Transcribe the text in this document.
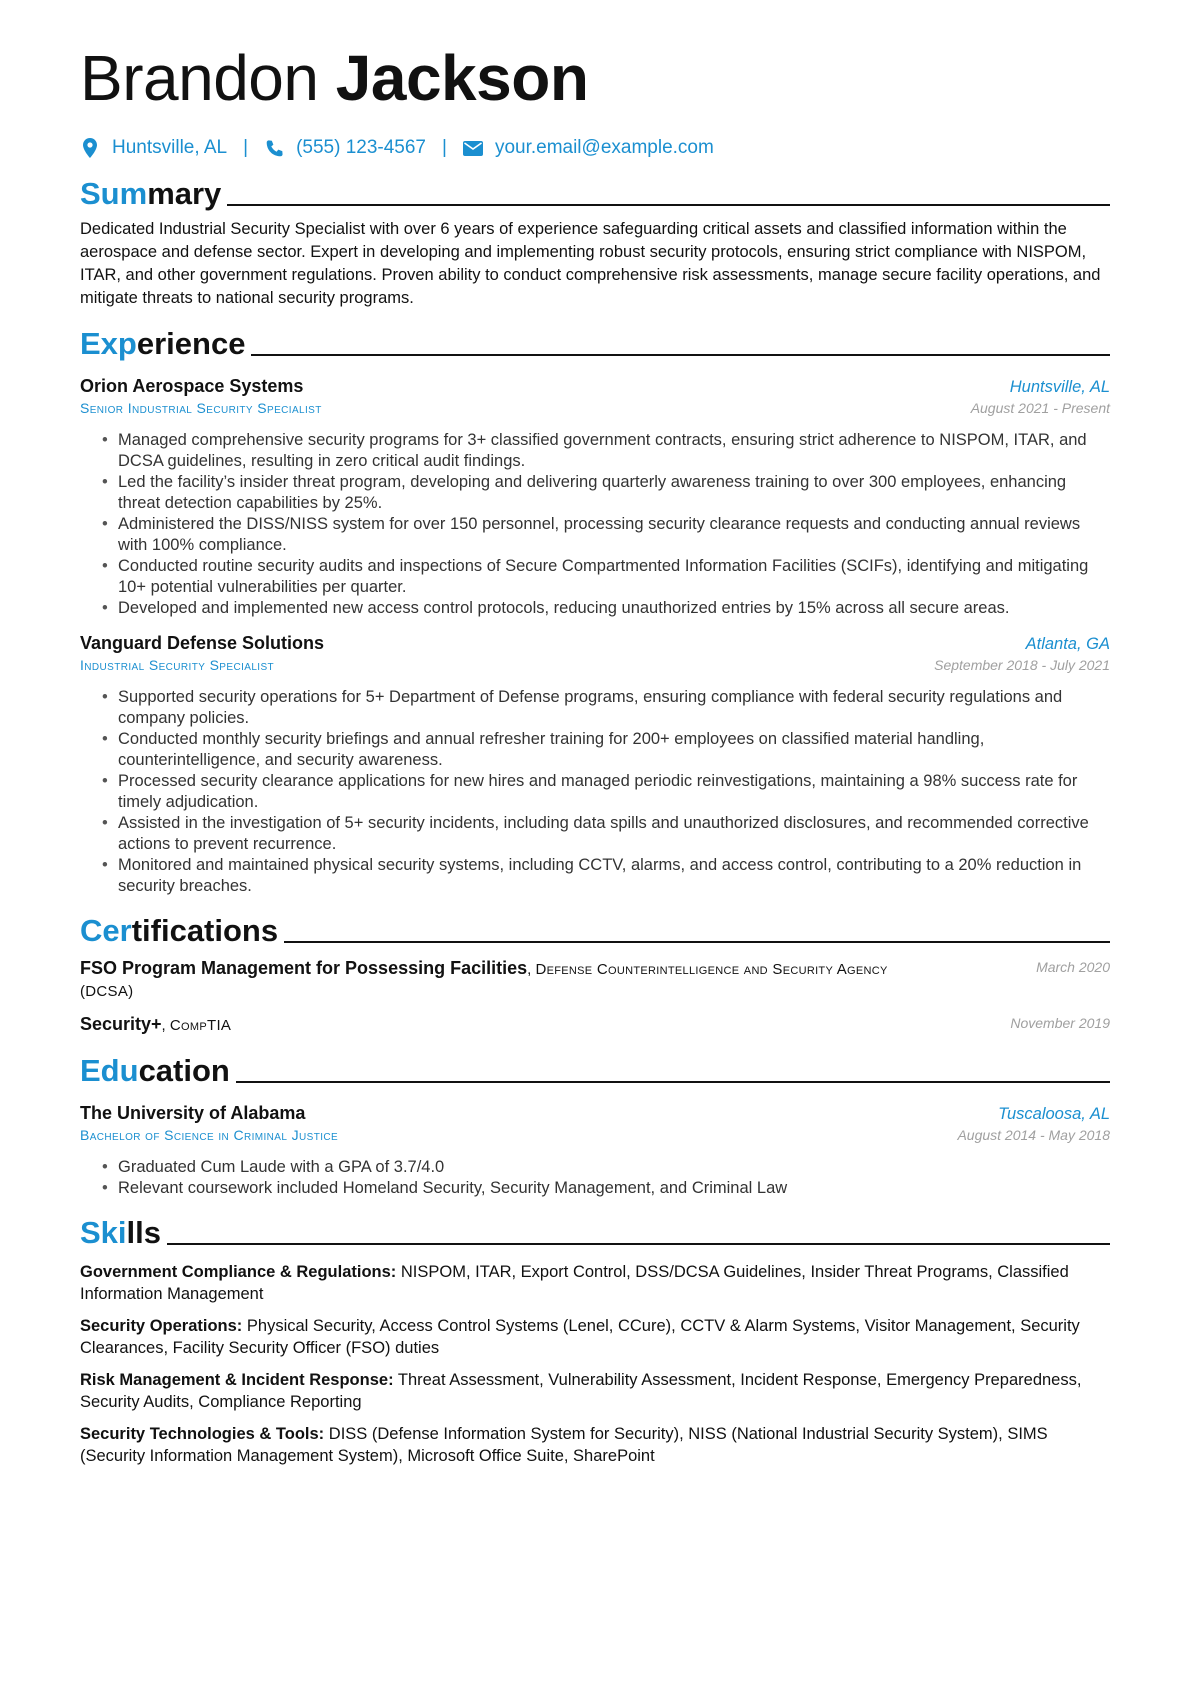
Brandon Jackson
Huntsville, AL |	(555) 123-4567 |	your.email@example.com
Summary

Dedicated Industrial Security Specialist with over 6 years of experience safeguarding critical assets and classified information within the aerospace and defense sector. Expert in developing and implementing robust security protocols, ensuring strict compliance with NISPOM, ITAR, and other government regulations. Proven ability to conduct comprehensive risk assessments, manage secure facility operations, and mitigate threats to national security programs.

Experience
Orion Aerospace Systems	Huntsville, AL
Senior Industrial Security Specialist	August 2021 - Present
• Managed comprehensive security programs for 3+ classified government contracts, ensuring strict adherence to NISPOM, ITAR, and DCSA guidelines, resulting in zero critical audit findings.
• Led the facility’s insider threat program, developing and delivering quarterly awareness training to over 300 employees, enhancing threat detection capabilities by 25%.
• Administered the DISS/NISS system for over 150 personnel, processing security clearance requests and conducting annual reviews with 100% compliance.
• Conducted routine security audits and inspections of Secure Compartmented Information Facilities (SCIFs), identifying and mitigating 10+ potential vulnerabilities per quarter.
• Developed and implemented new access control protocols, reducing unauthorized entries by 15% across all secure areas.
Vanguard Defense Solutions	Atlanta, GA
Industrial Security Specialist	September 2018 - July 2021
• Supported security operations for 5+ Department of Defense programs, ensuring compliance with federal security regulations and company policies.
• Conducted monthly security briefings and annual refresher training for 200+ employees on classified material handling, counterintelligence, and security awareness.
• Processed security clearance applications for new hires and managed periodic reinvestigations, maintaining a 98% success rate for timely adjudication.
• Assisted in the investigation of 5+ security incidents, including data spills and unauthorized disclosures, and recommended corrective actions to prevent recurrence.
• Monitored and maintained physical security systems, including CCTV, alarms, and access control, contributing to a 20% reduction in security breaches.
Certifications
FSO Program Management for Possessing Facilities, Defense Counterintelligence and Security Agency (DCSA)
March 2020
Security+, CompTIA	November 2019
Education
The University of Alabama	Tuscaloosa, AL
Bachelor of Science in Criminal Justice	August 2014 - May 2018
• Graduated Cum Laude with a GPA of 3.7/4.0
• Relevant coursework included Homeland Security, Security Management, and Criminal Law
Skills

Government Compliance & Regulations: NISPOM, ITAR, Export Control, DSS/DCSA Guidelines, Insider Threat Programs, Classified Information Management

Security Operations: Physical Security, Access Control Systems (Lenel, CCure), CCTV & Alarm Systems, Visitor Management, Security Clearances, Facility Security Officer (FSO) duties

Risk Management & Incident Response: Threat Assessment, Vulnerability Assessment, Incident Response, Emergency Preparedness, Security Audits, Compliance Reporting

Security Technologies & Tools: DISS (Defense Information System for Security), NISS (National Industrial Security System), SIMS (Security Information Management System), Microsoft Office Suite, SharePoint
